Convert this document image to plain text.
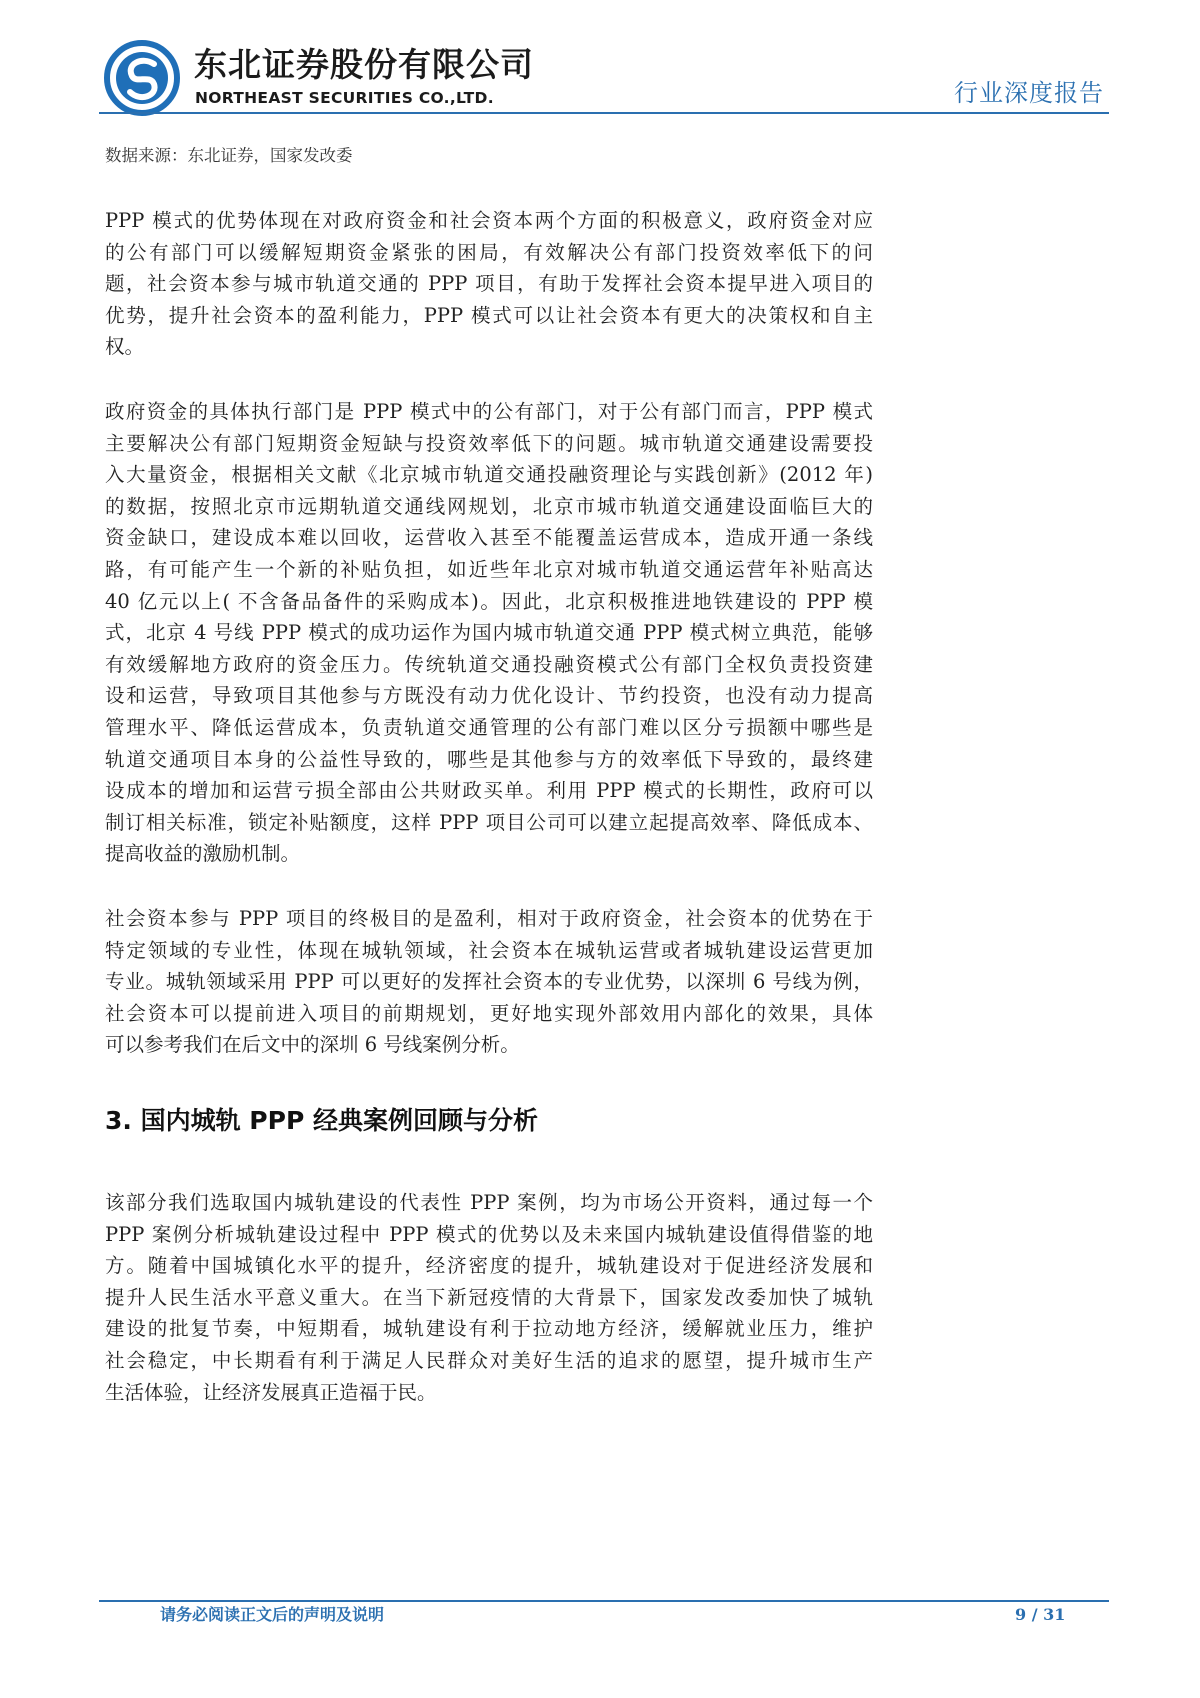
东北证券股份有限公司
NORTHEAST SECURITIES CO.,LTD.	行业深度报告
数据来源：东北证券，国家发改委
PPP 模式的优势体现在对政府资金和社会资本两个方面的积极意义，政府资金对应
的公有部门可以缓解短期资金紧张的困局，有效解决公有部门投资效率低下的问
题，社会资本参与城市轨道交通的 PPP 项目，有助于发挥社会资本提早进入项目的
优势，提升社会资本的盈利能力，PPP 模式可以让社会资本有更大的决策权和自主
权。
政府资金的具体执行部门是 PPP 模式中的公有部门，对于公有部门而言，PPP 模式
主要解决公有部门短期资金短缺与投资效率低下的问题。城市轨道交通建设需要投
入大量资金，根据相关文献《北京城市轨道交通投融资理论与实践创新》(2012 年)
的数据，按照北京市远期轨道交通线网规划，北京市城市轨道交通建设面临巨大的
资金缺口，建设成本难以回收，运营收入甚至不能覆盖运营成本，造成开通一条线
路，有可能产生一个新的补贴负担，如近些年北京对城市轨道交通运营年补贴高达
40 亿元以上( 不含备品备件的采购成本)。因此，北京积极推进地铁建设的 PPP 模
式，北京 4 号线 PPP 模式的成功运作为国内城市轨道交通 PPP 模式树立典范，能够
有效缓解地方政府的资金压力。传统轨道交通投融资模式公有部门全权负责投资建
设和运营，导致项目其他参与方既没有动力优化设计、节约投资，也没有动力提高
管理水平、降低运营成本，负责轨道交通管理的公有部门难以区分亏损额中哪些是
轨道交通项目本身的公益性导致的，哪些是其他参与方的效率低下导致的，最终建
设成本的增加和运营亏损全部由公共财政买单。利用 PPP 模式的长期性，政府可以
制订相关标准，锁定补贴额度，这样 PPP 项目公司可以建立起提高效率、降低成本、
提高收益的激励机制。
社会资本参与 PPP 项目的终极目的是盈利，相对于政府资金，社会资本的优势在于
特定领域的专业性，体现在城轨领域，社会资本在城轨运营或者城轨建设运营更加
专业。城轨领域采用 PPP 可以更好的发挥社会资本的专业优势，以深圳 6 号线为例，
社会资本可以提前进入项目的前期规划，更好地实现外部效用内部化的效果，具体
可以参考我们在后文中的深圳 6 号线案例分析。
3. 国内城轨 PPP 经典案例回顾与分析
该部分我们选取国内城轨建设的代表性 PPP 案例，均为市场公开资料，通过每一个
PPP 案例分析城轨建设过程中 PPP 模式的优势以及未来国内城轨建设值得借鉴的地
方。随着中国城镇化水平的提升，经济密度的提升，城轨建设对于促进经济发展和
提升人民生活水平意义重大。在当下新冠疫情的大背景下，国家发改委加快了城轨
建设的批复节奏，中短期看，城轨建设有利于拉动地方经济，缓解就业压力，维护
社会稳定，中长期看有利于满足人民群众对美好生活的追求的愿望，提升城市生产
生活体验，让经济发展真正造福于民。
请务必阅读正文后的声明及说明	9 / 31
